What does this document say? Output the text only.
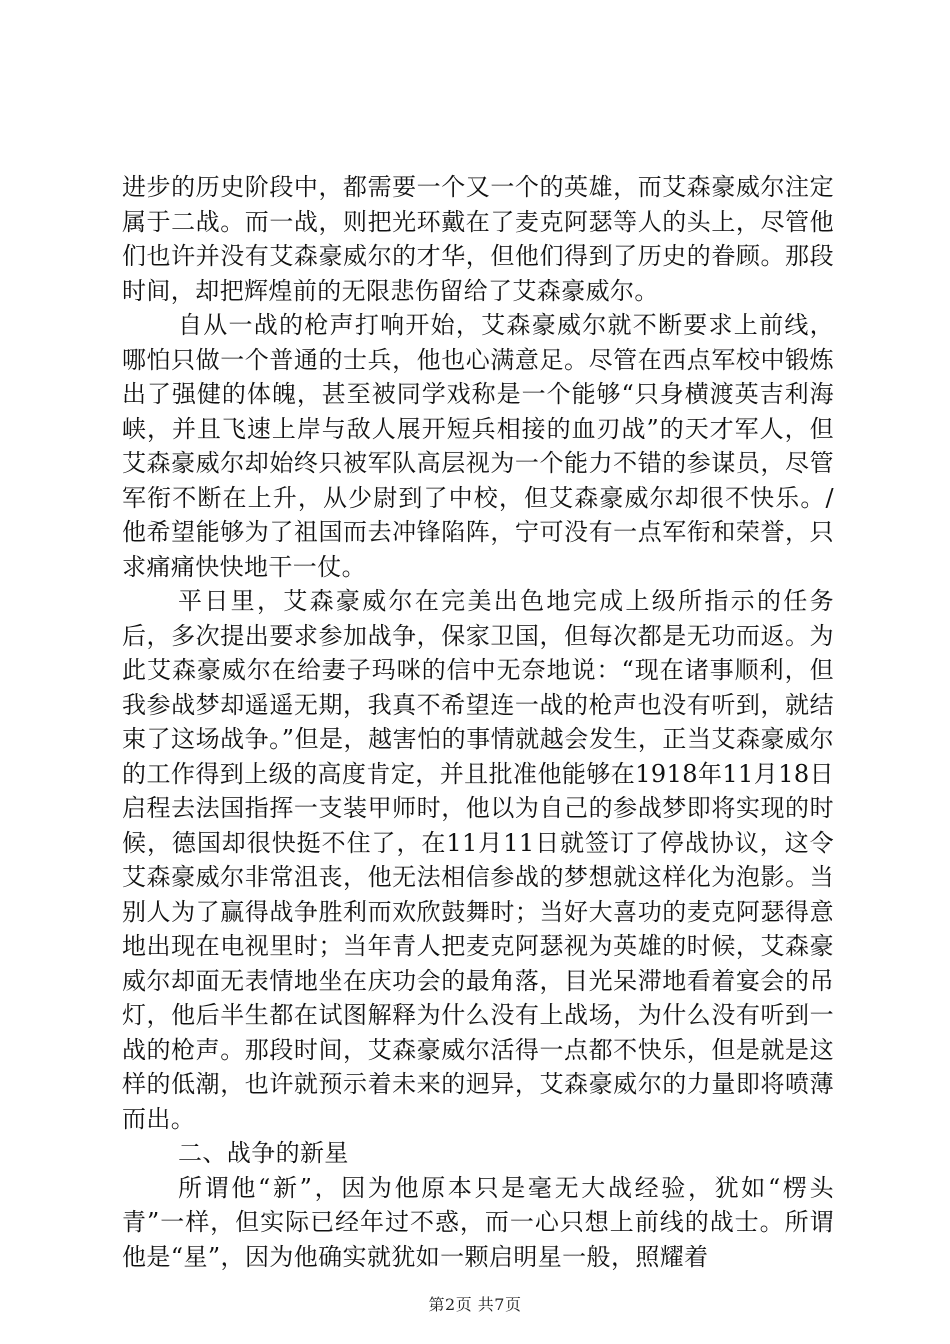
进步的历史阶段中，都需要一个又一个的英雄，而艾森豪威尔注定属于二战。而一战，则把光环戴在了麦克阿瑟等人的头上，尽管他们也许并没有艾森豪威尔的才华，但他们得到了历史的眷顾。那段时间，却把辉煌前的无限悲伤留给了艾森豪威尔。

自从一战的枪声打响开始，艾森豪威尔就不断要求上前线，哪怕只做一个普通的士兵，他也心满意足。尽管在西点军校中锻炼出了强健的体魄，甚至被同学戏称是一个能够“只身横渡英吉利海峡，并且飞速上岸与敌人展开短兵相接的血刃战”的天才军人，但艾森豪威尔却始终只被军队高层视为一个能力不错的参谋员，尽管军衔不断在上升，从少尉到了中校，但艾森豪威尔却很不快乐。/他希望能够为了祖国而去冲锋陷阵，宁可没有一点军衔和荣誉，只求痛痛快快地干一仗。

平日里，艾森豪威尔在完美出色地完成上级所指示的任务后，多次提出要求参加战争，保家卫国，但每次都是无功而返。为此艾森豪威尔在给妻子玛咪的信中无奈地说：“现在诸事顺利，但我参战梦却遥遥无期，我真不希望连一战的枪声也没有听到，就结束了这场战争。”但是，越害怕的事情就越会发生，正当艾森豪威尔的工作得到上级的高度肯定，并且批准他能够在1918年11月18日启程去法国指挥一支装甲师时，他以为自己的参战梦即将实现的时候，德国却很快挺不住了，在11月11日就签订了停战协议，这令艾森豪威尔非常沮丧，他无法相信参战的梦想就这样化为泡影。当别人为了赢得战争胜利而欢欣鼓舞时；当好大喜功的麦克阿瑟得意地出现在电视里时；当年青人把麦克阿瑟视为英雄的时候，艾森豪威尔却面无表情地坐在庆功会的最角落，目光呆滞地看着宴会的吊灯，他后半生都在试图解释为什么没有上战场，为什么没有听到一战的枪声。那段时间，艾森豪威尔活得一点都不快乐，但是就是这样的低潮，也许就预示着未来的迥异，艾森豪威尔的力量即将喷薄而出。

二、战争的新星

所谓他“新”，因为他原本只是毫无大战经验，犹如“楞头青”一样，但实际已经年过不惑，而一心只想上前线的战士。所谓他是“星”，因为他确实就犹如一颗启明星一般，照耀着

第2页 共7页
